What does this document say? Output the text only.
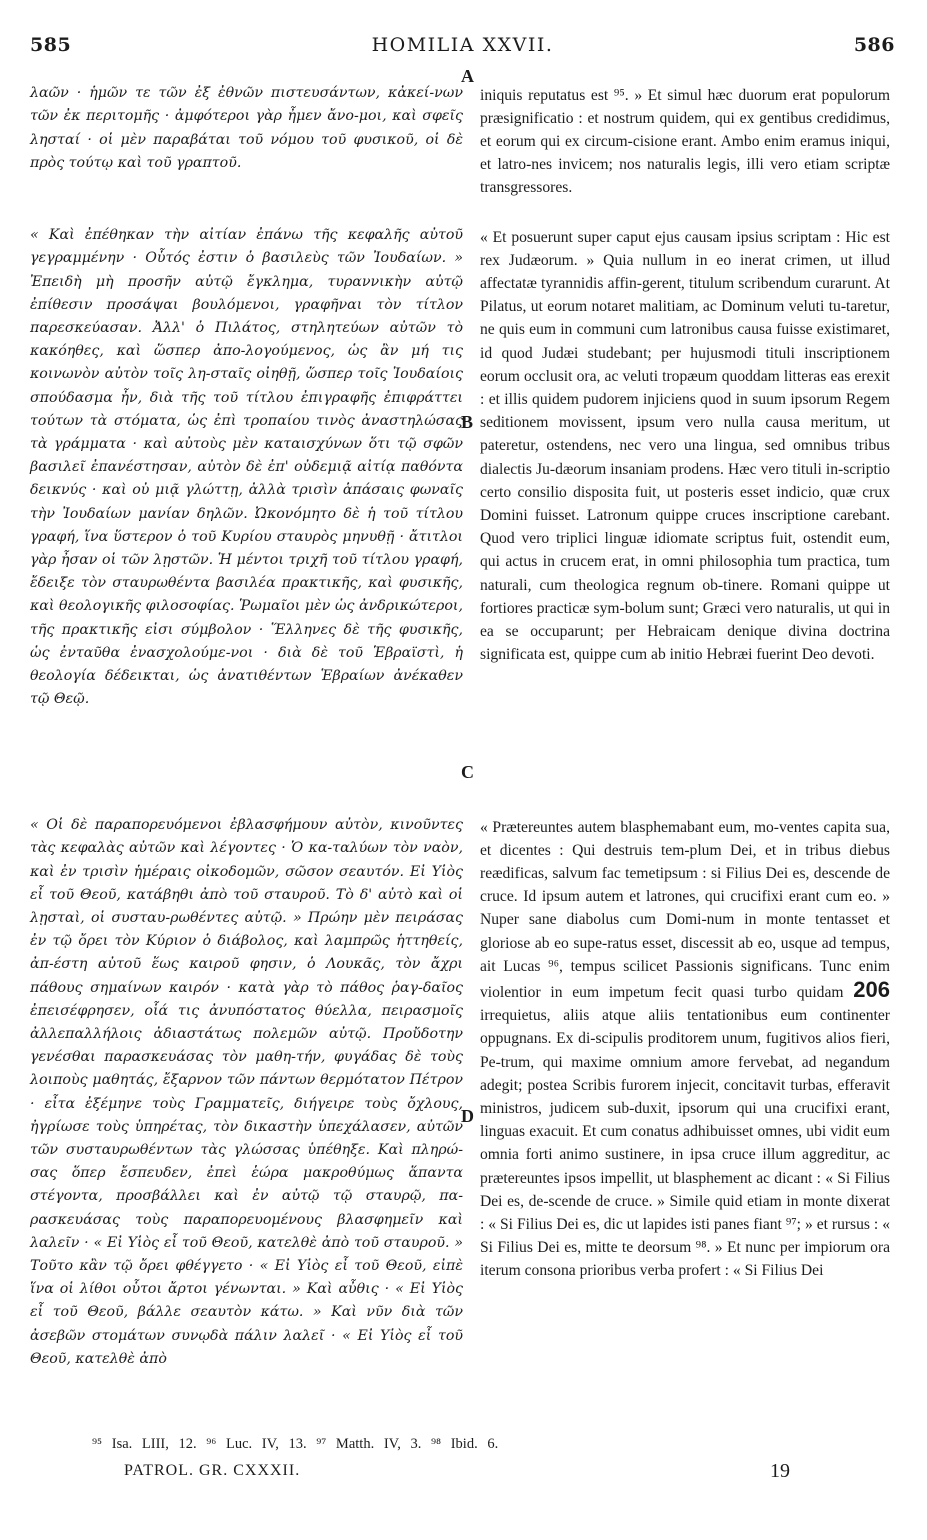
585	HOMILIA XXVII.	586

λαῶν · ἡμῶν τε τῶν ἐξ ἐθνῶν πιστευσάντων, κἀκεί-νων τῶν ἐκ περιτομῆς · ἀμφότεροι γὰρ ἦμεν ἄνο-μοι, καὶ σφεῖς λησταί · οἱ μὲν παραβάται τοῦ νόμου τοῦ φυσικοῦ, οἱ δὲ πρὸς τούτῳ καὶ τοῦ γραπτοῦ.

« Καὶ ἐπέθηκαν τὴν αἰτίαν ἐπάνω τῆς κεφαλῆς αὐτοῦ γεγραμμένην · Οὗτός ἐστιν ὁ βασιλεὺς τῶν Ἰουδαίων. » Ἐπειδὴ μὴ προσῆν αὐτῷ ἔγκλημα, τυραννικὴν αὐτῷ ἐπίθεσιν προσάψαι βουλόμενοι, γραφῆναι τὸν τίτλον παρεσκεύασαν. Ἀλλ' ὁ Πιλάτος, στηλητεύων αὐτῶν τὸ κακόηθες, καὶ ὥσπερ ἀπο-λογούμενος, ὡς ἂν μή τις κοινωνὸν αὐτὸν τοῖς λη-σταῖς οἰηθῇ, ὥσπερ τοῖς Ἰουδαίοις σπούδασμα ἦν, διὰ τῆς τοῦ τίτλου ἐπιγραφῆς ἐπιφράττει τούτων τὰ στόματα, ὡς ἐπὶ τροπαίου τινὸς ἀναστηλώσας τὰ γράμματα · καὶ αὐτοὺς μὲν καταισχύνων ὅτι τῷ σφῶν βασιλεῖ ἐπανέστησαν, αὐτὸν δὲ ἐπ' οὐδεμιᾷ αἰτίᾳ παθόντα δεικνύς · καὶ οὐ μιᾷ γλώττῃ, ἀλλὰ τρισὶν ἁπάσαις φωναῖς τὴν Ἰουδαίων μανίαν δηλῶν. Ὠκονόμητο δὲ ἡ τοῦ τίτλου γραφή, ἵνα ὕστερον ὁ τοῦ Κυρίου σταυρὸς μηνυθῇ · ἄτιτλοι γὰρ ἦσαν οἱ τῶν λῃστῶν. Ἡ μέντοι τριχῆ τοῦ τίτλου γραφή, ἔδειξε τὸν σταυρωθέντα βασιλέα πρακτικῆς, καὶ φυσικῆς, καὶ θεολογικῆς φιλοσοφίας. Ῥωμαῖοι μὲν ὡς ἀνδρικώτεροι, τῆς πρακτικῆς εἰσι σύμβολον · Ἕλληνες δὲ τῆς φυσικῆς, ὡς ἐνταῦθα ἐνασχολούμε-νοι · διὰ δὲ τοῦ Ἑβραϊστὶ, ἡ θεολογία δέδεικται, ὡς ἀνατιθέντων Ἑβραίων ἀνέκαθεν τῷ Θεῷ.

« Οἱ δὲ παραπορευόμενοι ἐβλασφήμουν αὐτὸν, κινοῦντες τὰς κεφαλὰς αὐτῶν καὶ λέγοντες · Ὁ κα-ταλύων τὸν ναὸν, καὶ ἐν τρισὶν ἡμέραις οἰκοδομῶν, σῶσον σεαυτόν. Εἰ Υἱὸς εἶ τοῦ Θεοῦ, κατάβηθι ἀπὸ τοῦ σταυροῦ. Τὸ δ' αὐτὸ καὶ οἱ λῃσταὶ, οἱ συσταυ-ρωθέντες αὐτῷ. » Πρώην μὲν πειράσας ἐν τῷ ὄρει τὸν Κύριον ὁ διάβολος, καὶ λαμπρῶς ἡττηθείς, ἀπ-έστη αὐτοῦ ἕως καιροῦ φησιν, ὁ Λουκᾶς, τὸν ἄχρι πάθους σημαίνων καιρόν · κατὰ γὰρ τὸ πάθος ῥαγ-δαῖος ἐπεισέφρησεν, οἷά τις ἀνυπόστατος θύελλα, πειρασμοῖς ἀλλεπαλλήλοις ἀδιαστάτως πολεμῶν αὐτῷ. Προὔδοτην γενέσθαι παρασκευάσας τὸν μαθη-τήν, φυγάδας δὲ τοὺς λοιποὺς μαθητάς, ἔξαρνον τῶν πάντων θερμότατον Πέτρον · εἶτα ἐξέμηνε τοὺς Γραμματεῖς, διήγειρε τοὺς ὄχλους, ἠγρίωσε τοὺς ὑπηρέτας, τὸν δικαστὴν ὑπεχάλασεν, αὐτῶν τῶν συσταυρωθέντων τὰς γλώσσας ὑπέθηξε. Καὶ πληρώ-σας ὅπερ ἔσπευδεν, ἐπεὶ ἑώρα μακροθύμως ἅπαντα στέγοντα, προσβάλλει καὶ ἐν αὐτῷ τῷ σταυρῷ, πα-ρασκευάσας τοὺς παραπορευομένους βλασφημεῖν καὶ λαλεῖν · « Εἰ Υἱὸς εἶ τοῦ Θεοῦ, κατελθὲ ἀπὸ τοῦ σταυροῦ. » Τοῦτο κἂν τῷ ὄρει φθέγγετο · « Εἰ Υἱὸς εἶ τοῦ Θεοῦ, εἰπὲ ἵνα οἱ λίθοι οὗτοι ἄρτοι γένωνται. » Καὶ αὖθις · « Εἰ Υἱὸς εἶ τοῦ Θεοῦ, βάλλε σεαυτὸν κάτω. » Καὶ νῦν διὰ τῶν ἀσεβῶν στομάτων συνῳδὰ πάλιν λαλεῖ · « Εἰ Υἱὸς εἶ τοῦ Θεοῦ, κατελθὲ ἀπὸ

A
B
C
D

iniquis reputatus est ⁹⁵. » Et simul hæc duorum erat populorum præsignificatio : et nostrum quidem, qui ex gentibus credidimus, et eorum qui ex circum-cisione erant. Ambo enim eramus iniqui, et latro-nes invicem; nos naturalis legis, illi vero etiam scriptæ transgressores.

« Et posuerunt super caput ejus causam ipsius scriptam : Hic est rex Judæorum. » Quia nullum in eo inerat crimen, ut illud affectatæ tyrannidis affin-gerent, titulum scribendum curarunt. At Pilatus, ut eorum notaret malitiam, ac Dominum veluti tu-taretur, ne quis eum in communi cum latronibus causa fuisse existimaret, id quod Judæi studebant; per hujusmodi tituli inscriptionem eorum occlusit ora, ac veluti tropæum quoddam litteras eas erexit : et illis quidem pudorem injiciens quod in suum ipsorum Regem seditionem movissent, ipsum vero nulla causa meritum, ut pateretur, ostendens, nec vero una lingua, sed omnibus tribus dialectis Ju-dæorum insaniam prodens. Hæc vero tituli in-scriptio certo consilio disposita fuit, ut posteris esset indicio, quæ crux Domini fuisset. Latronum quippe cruces inscriptione carebant. Quod vero triplici linguæ idiomate scriptus fuit, ostendit eum, qui actus in crucem erat, in omni philosophia tum practica, tum naturali, cum theologica regnum ob-tinere. Romani quippe ut fortiores practicæ sym-bolum sunt; Græci vero naturalis, ut qui in ea se occuparunt; per Hebraicam denique divina doctrina significata est, quippe cum ab initio Hebræi fuerint Deo devoti.

« Prætereuntes autem blasphemabant eum, mo-ventes capita sua, et dicentes : Qui destruis tem-plum Dei, et in tribus diebus reædificas, salvum fac temetipsum : si Filius Dei es, descende de cruce. Id ipsum autem et latrones, qui crucifixi erant cum eo. » Nuper sane diabolus cum Domi-num in monte tentasset et gloriose ab eo supe-ratus esset, discessit ab eo, usque ad tempus, ait Lucas ⁹⁶, tempus scilicet Passionis significans. Tunc enim violentior in eum impetum fecit quasi turbo quidam 206 irrequietus, aliis atque aliis tentationibus eum continenter oppugnans. Ex di-scipulis proditorem unum, fugitivos alios fieri, Pe-trum, qui maxime omnium amore fervebat, ad negandum adegit; postea Scribis furorem injecit, concitavit turbas, efferavit ministros, judicem sub-duxit, ipsorum qui una crucifixi erant, linguas exacuit. Et cum conatus adhibuisset omnes, ubi vidit eum omnia forti animo sustinere, in ipsa cruce illum aggreditur, ac prætereuntes ipsos impellit, ut blasphement ac dicant : « Si Filius Dei es, de-scende de cruce. » Simile quid etiam in monte dixerat : « Si Filius Dei es, dic ut lapides isti panes fiant ⁹⁷; » et rursus : « Si Filius Dei es, mitte te deorsum ⁹⁸. » Et nunc per impiorum ora iterum consona prioribus verba profert : « Si Filius Dei

⁹⁵ Isa. LIII, 12. ⁹⁶ Luc. IV, 13. ⁹⁷ Matth. IV, 3. ⁹⁸ Ibid. 6.
PATROL. GR. CXXXII.	19
